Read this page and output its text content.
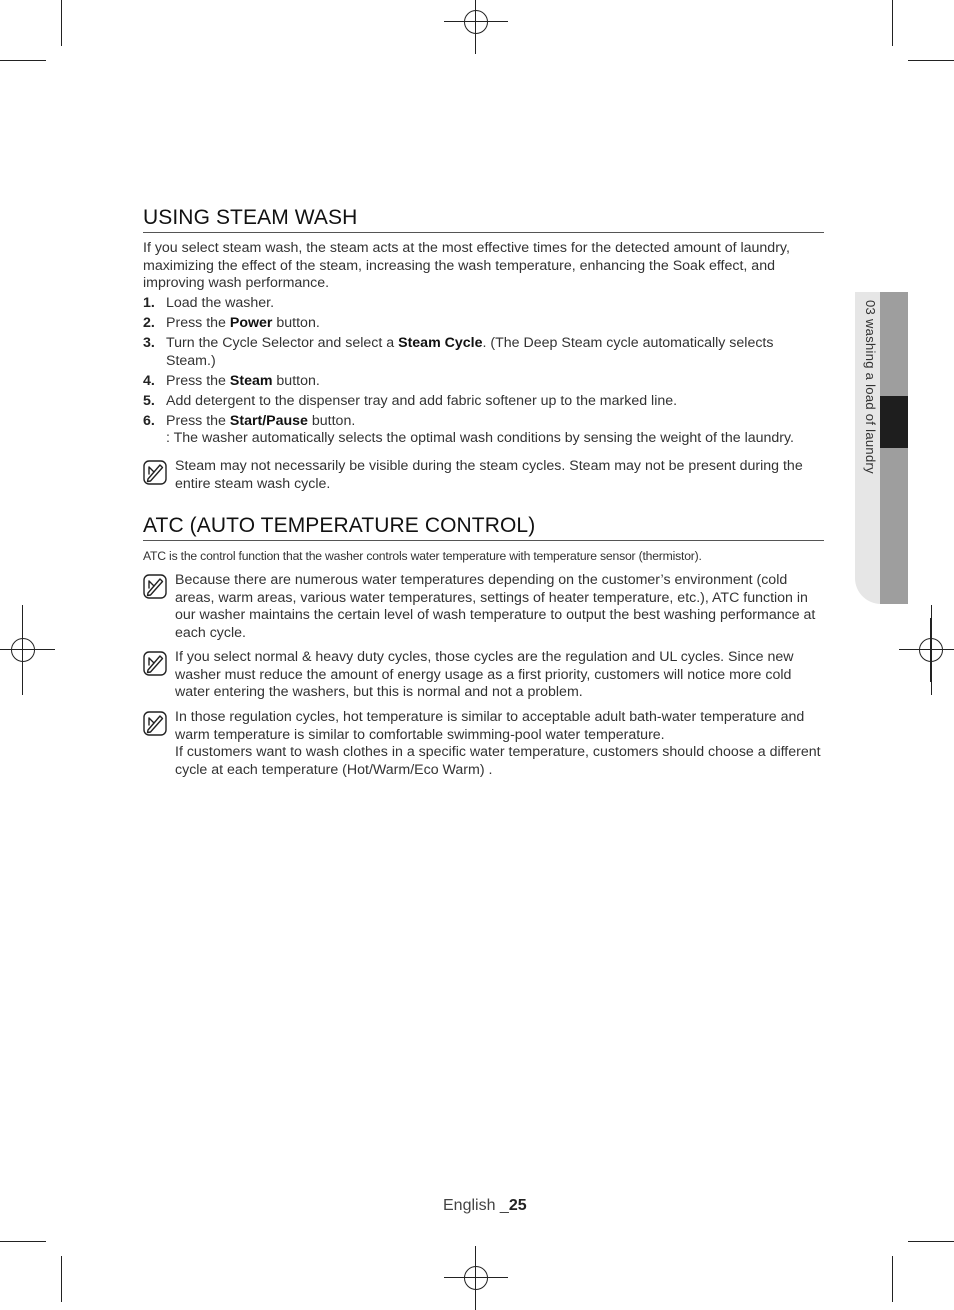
03 washing a load of laundry
USING STEAM WASH

If you select steam wash, the steam acts at the most effective times for the detected amount of laundry, maximizing the effect of the steam, increasing the wash temperature, enhancing the Soak effect, and improving wash performance.

1. Load the washer.
2. Press the Power button.
3. Turn the Cycle Selector and select a Steam Cycle. (The Deep Steam cycle automatically selects Steam.)
4. Press the Steam button.
5. Add detergent to the dispenser tray and add fabric softener up to the marked line.
6. Press the Start/Pause button.
: The washer automatically selects the optimal wash conditions by sensing the weight of the laundry.
Steam may not necessarily be visible during the steam cycles. Steam may not be present during the entire steam wash cycle.
ATC (AUTO TEMPERATURE CONTROL)

ATC is the control function that the washer controls water temperature with temperature sensor (thermistor).

Because there are numerous water temperatures depending on the customer’s environment (cold areas, warm areas, various water temperatures, settings of heater temperature, etc.), ATC function in our washer maintains the certain level of wash temperature to output the best washing performance at each cycle.
If you select normal & heavy duty cycles, those cycles are the regulation and UL cycles. Since new washer must reduce the amount of energy usage as a first priority, customers will notice more cold water entering the washers, but this is normal and not a problem.
In those regulation cycles, hot temperature is similar to acceptable adult bath-water temperature and warm temperature is similar to comfortable swimming-pool water temperature.
If customers want to wash clothes in a specific water temperature, customers should choose a different cycle at each temperature (Hot/Warm/Eco Warm) .
English _25
